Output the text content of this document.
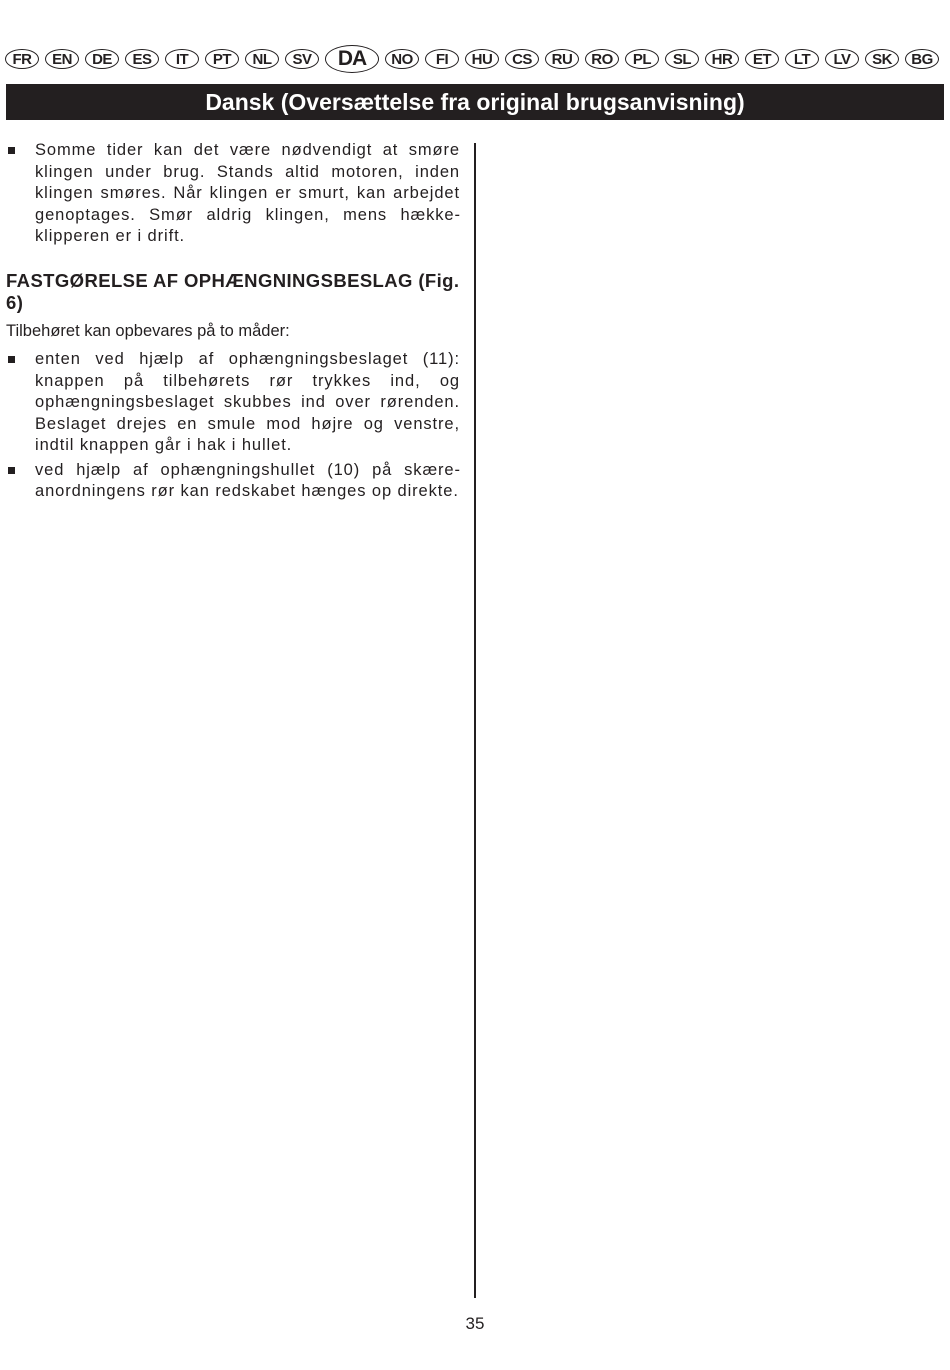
FR	EN	DE	ES	IT	PT	NL	SV	DA	NO	FI	HU	CS	RU	RO	PL	SL	HR	ET	LT	LV	SK	BG
Dansk (Oversættelse fra original brugsanvisning)
Somme tider kan det være nødvendigt at smøre klingen under brug. Stands altid motoren, inden klingen smøres. Når klingen er smurt, kan arbejdet genoptages. Smør aldrig klingen, mens hækkeklipperen er i drift.
FASTGØRELSE AF OPHÆNGNINGSBESLAG (Fig. 6)
Tilbehøret kan opbevares på to måder:
enten ved hjælp af ophængningsbeslaget (11): knappen på tilbehørets rør trykkes ind, og ophængningsbeslaget skubbes ind over rørenden. Beslaget drejes en smule mod højre og venstre, indtil knappen går i hak i hullet.
ved hjælp af ophængningshullet (10) på skæreanordningens rør kan redskabet hænges op direkte.
35
